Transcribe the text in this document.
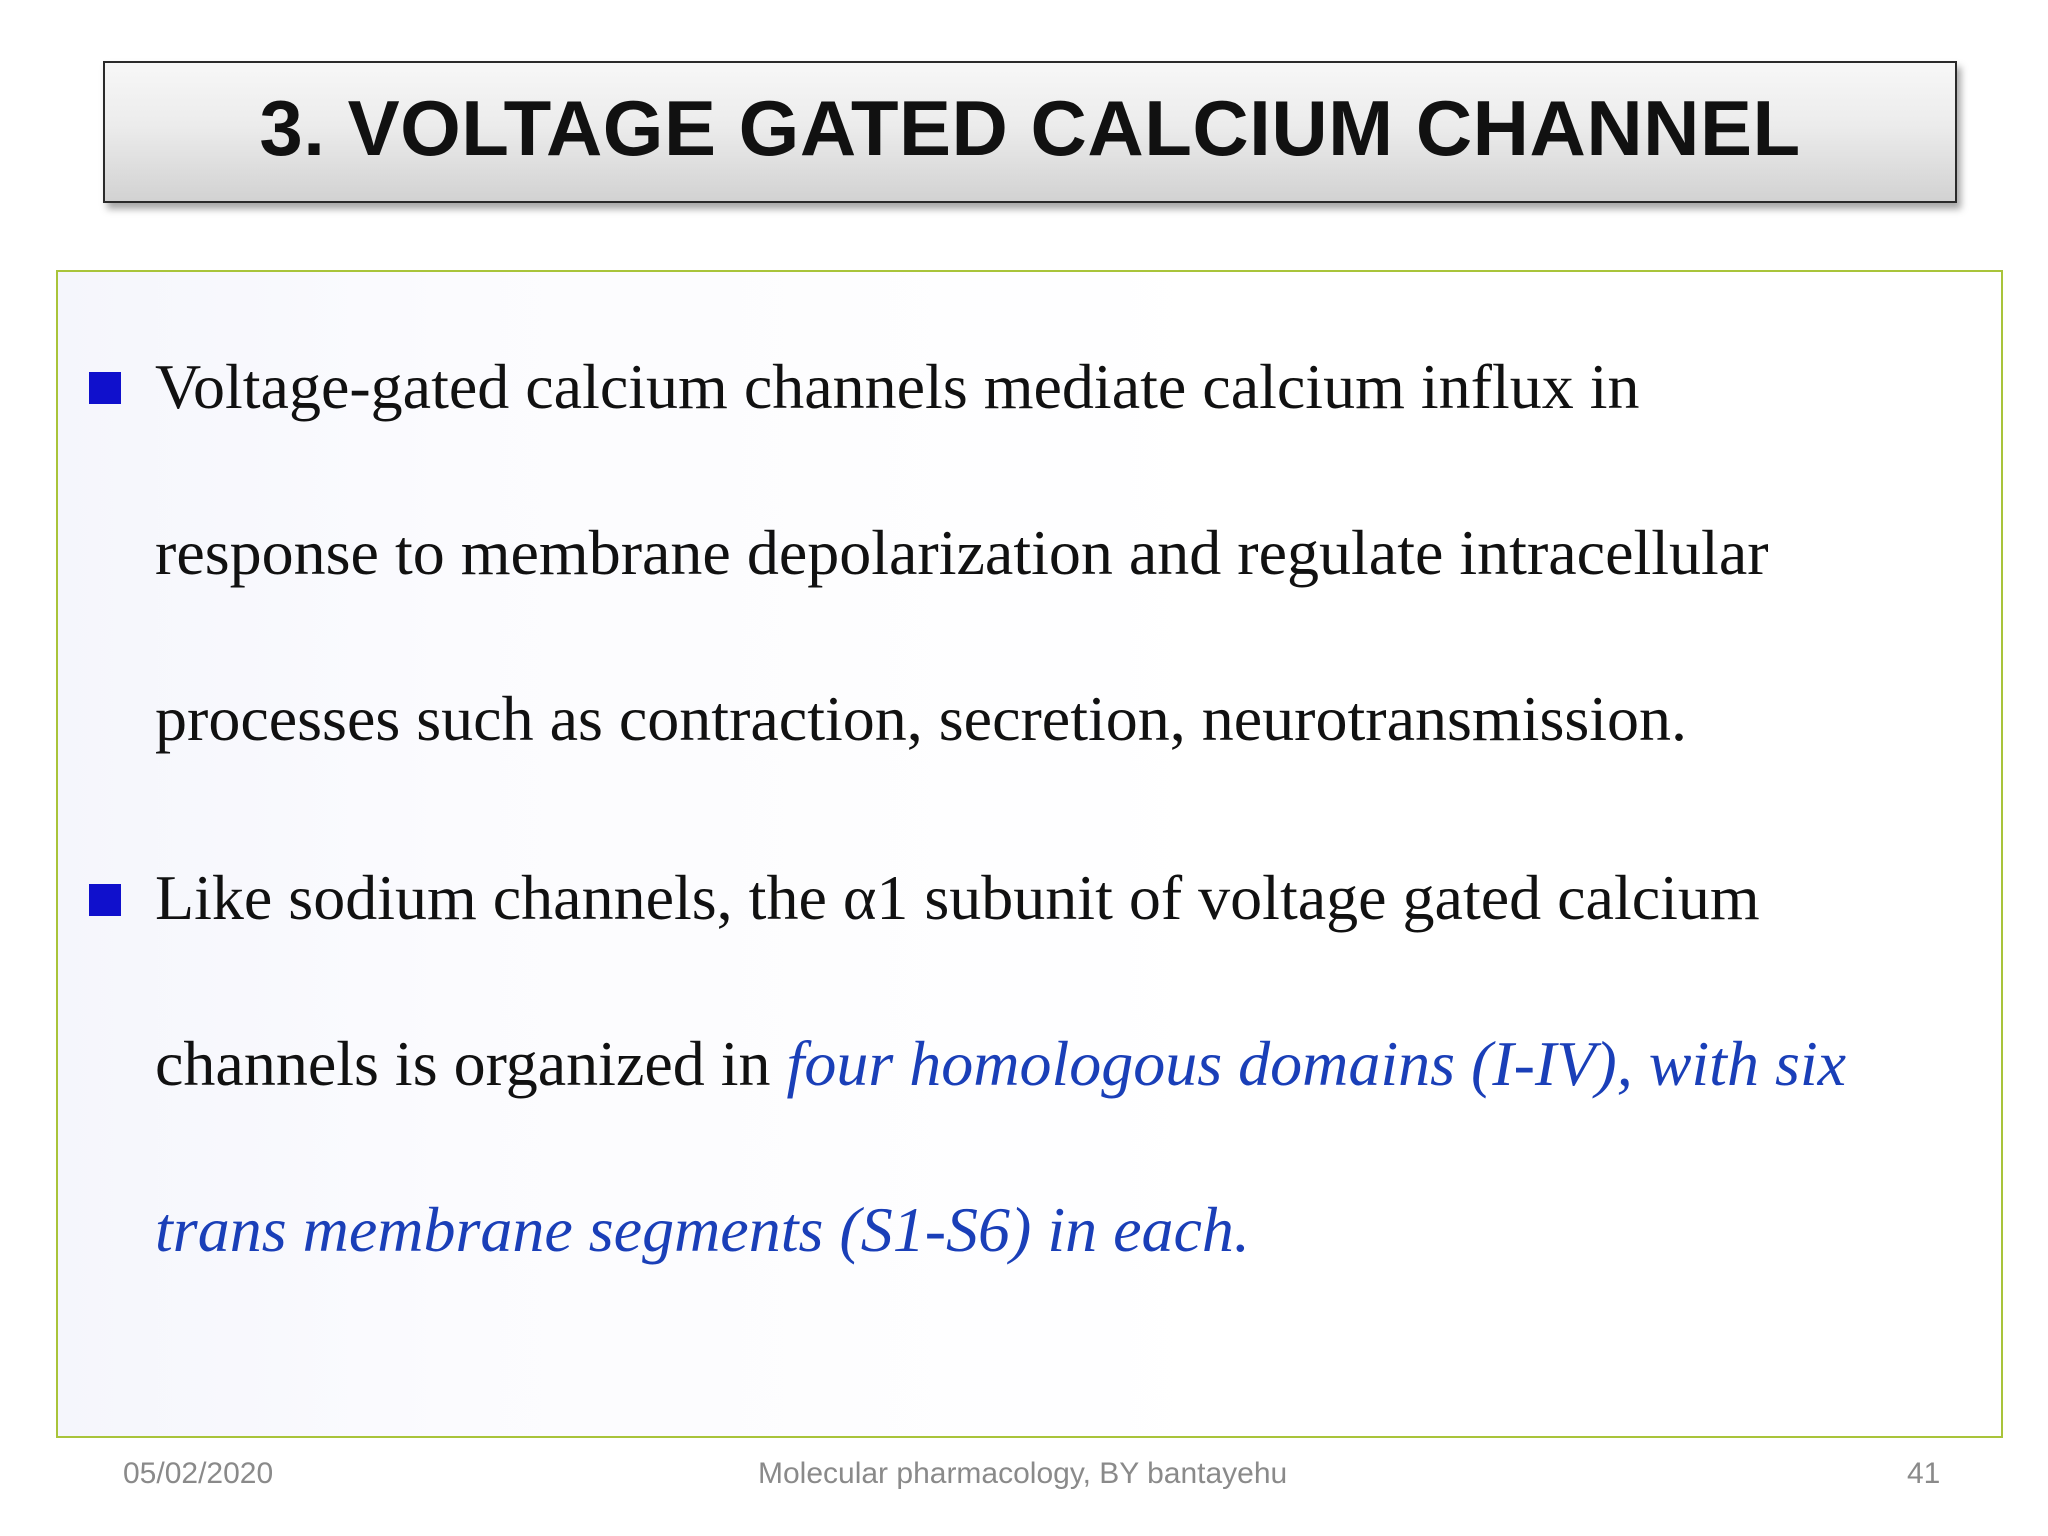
3. VOLTAGE GATED CALCIUM CHANNEL
Voltage-gated calcium channels mediate calcium influx in
response to membrane depolarization and regulate intracellular
processes such as contraction, secretion, neurotransmission.
Like sodium channels, the α1 subunit of voltage gated calcium
channels is organized in four homologous domains (I-IV), with six
trans membrane segments (S1-S6) in each.
05/02/2020	Molecular pharmacology, BY bantayehu	41
